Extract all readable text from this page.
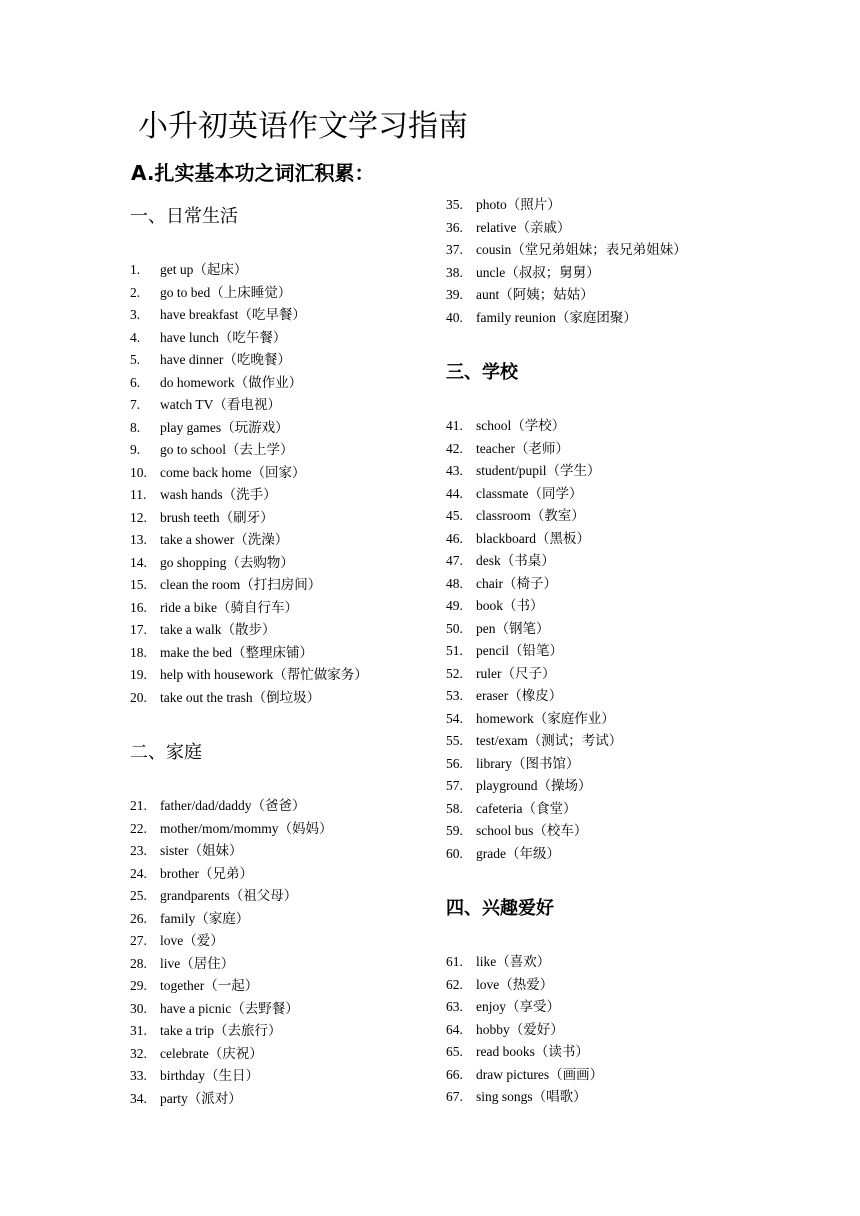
小升初英语作文学习指南
A.扎实基本功之词汇积累：
一、日常生活
1. get up（起床）
2. go to bed（上床睡觉）
3. have breakfast（吃早餐）
4. have lunch（吃午餐）
5. have dinner（吃晚餐）
6. do homework（做作业）
7. watch TV（看电视）
8. play games（玩游戏）
9. go to school（去上学）
10. come back home（回家）
11. wash hands（洗手）
12. brush teeth（刷牙）
13. take a shower（洗澡）
14. go shopping（去购物）
15. clean the room（打扫房间）
16. ride a bike（骑自行车）
17. take a walk（散步）
18. make the bed（整理床铺）
19. help with housework（帮忙做家务）
20. take out the trash（倒垃圾）
二、家庭
21. father/dad/daddy（爸爸）
22. mother/mom/mommy（妈妈）
23. sister（姐妹）
24. brother（兄弟）
25. grandparents（祖父母）
26. family（家庭）
27. love（爱）
28. live（居住）
29. together（一起）
30. have a picnic（去野餐）
31. take a trip（去旅行）
32. celebrate（庆祝）
33. birthday（生日）
34. party（派对）
35. photo（照片）
36. relative（亲戚）
37. cousin（堂兄弟姐妹；表兄弟姐妹）
38. uncle（叔叔；舅舅）
39. aunt（阿姨；姑姑）
40. family reunion（家庭团聚）
三、学校
41. school（学校）
42. teacher（老师）
43. student/pupil（学生）
44. classmate（同学）
45. classroom（教室）
46. blackboard（黑板）
47. desk（书桌）
48. chair（椅子）
49. book（书）
50. pen（钢笔）
51. pencil（铅笔）
52. ruler（尺子）
53. eraser（橡皮）
54. homework（家庭作业）
55. test/exam（测试；考试）
56. library（图书馆）
57. playground（操场）
58. cafeteria（食堂）
59. school bus（校车）
60. grade（年级）
四、兴趣爱好
61. like（喜欢）
62. love（热爱）
63. enjoy（享受）
64. hobby（爱好）
65. read books（读书）
66. draw pictures（画画）
67. sing songs（唱歌）
